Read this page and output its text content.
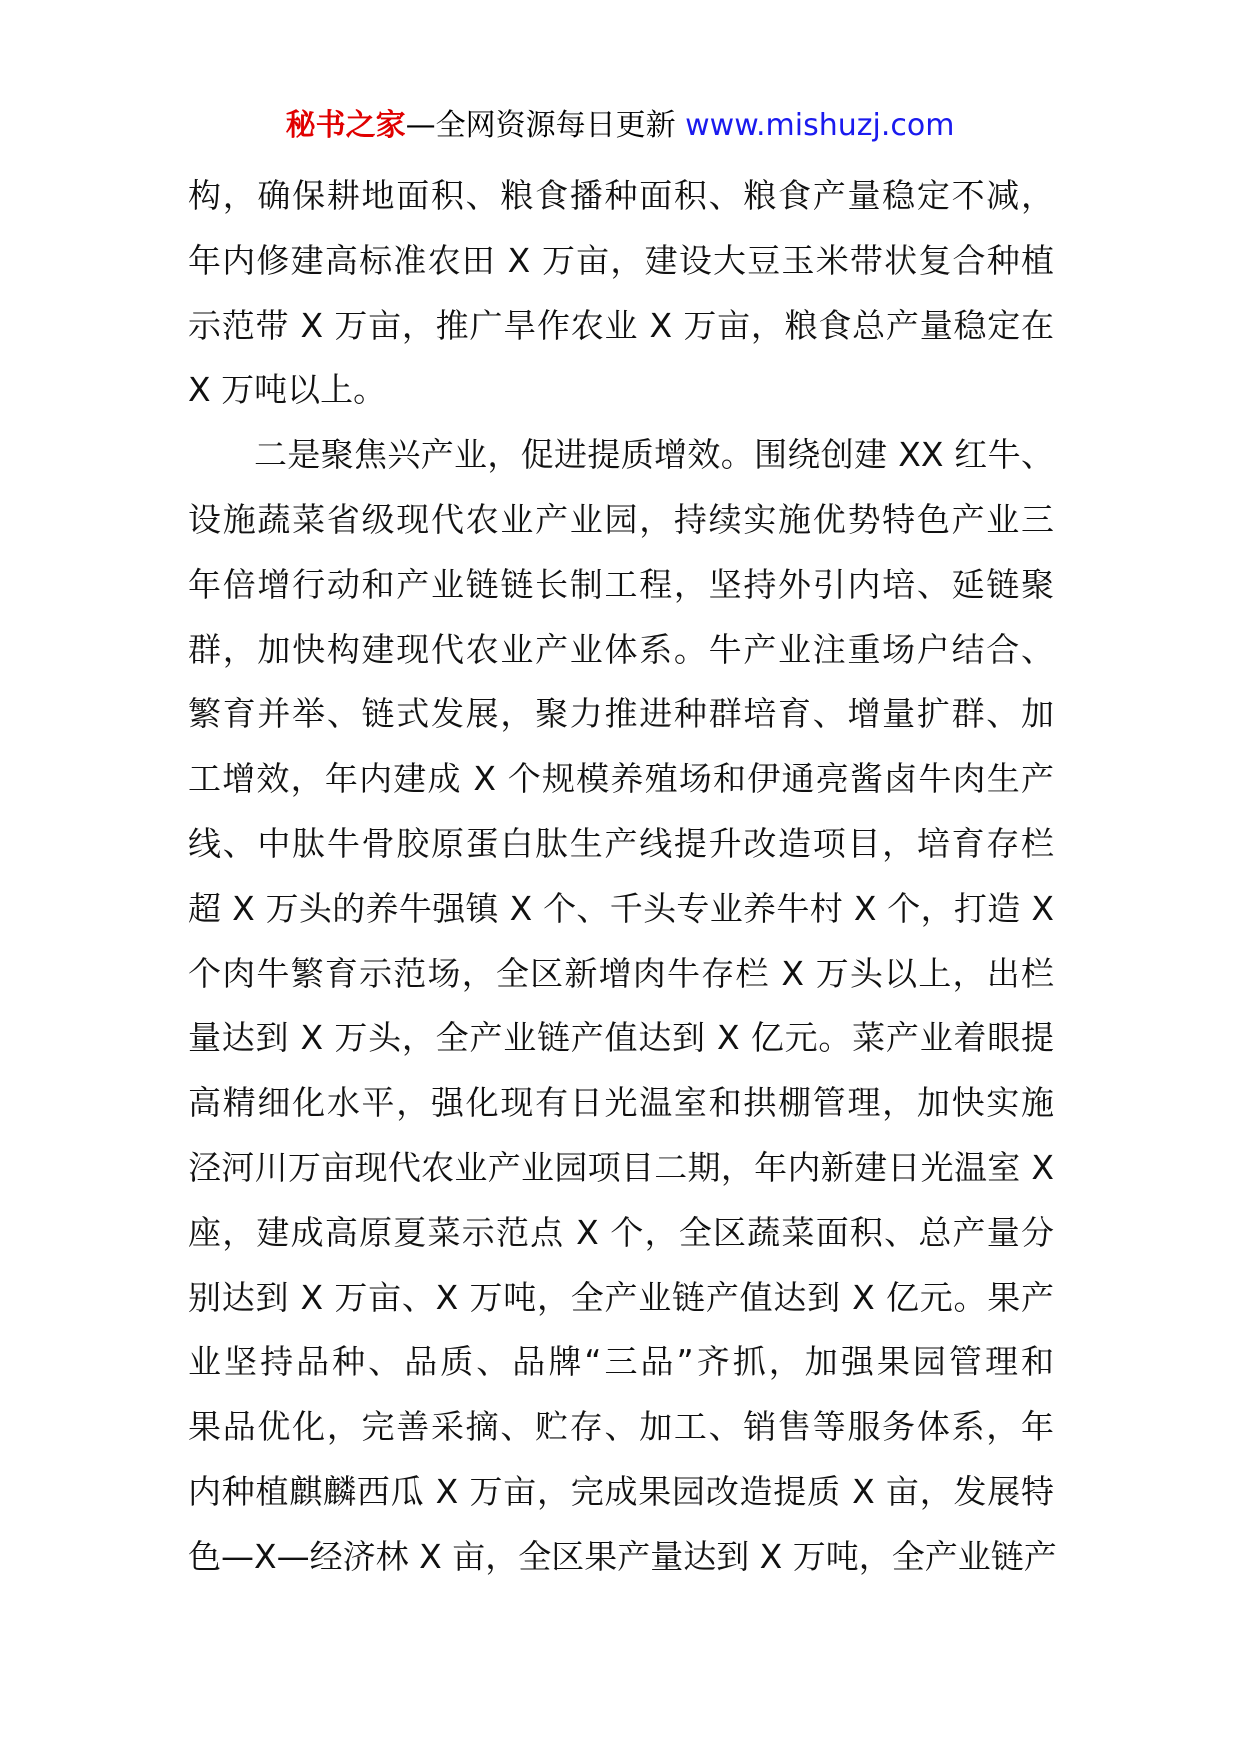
秘书之家—全网资源每日更新 www.mishuzj.com
构，确保耕地面积、粮食播种面积、粮食产量稳定不减，
年内修建高标准农田 X 万亩，建设大豆玉米带状复合种植
示范带 X 万亩，推广旱作农业 X 万亩，粮食总产量稳定在
X 万吨以上。
二是聚焦兴产业，促进提质增效。围绕创建 XX 红牛、
设施蔬菜省级现代农业产业园，持续实施优势特色产业三
年倍增行动和产业链链长制工程，坚持外引内培、延链聚
群，加快构建现代农业产业体系。牛产业注重场户结合、
繁育并举、链式发展，聚力推进种群培育、增量扩群、加
工增效，年内建成 X 个规模养殖场和伊通亮酱卤牛肉生产
线、中肽牛骨胶原蛋白肽生产线提升改造项目，培育存栏
超 X 万头的养牛强镇 X 个、千头专业养牛村 X 个，打造 X
个肉牛繁育示范场，全区新增肉牛存栏 X 万头以上，出栏
量达到 X 万头，全产业链产值达到 X 亿元。菜产业着眼提
高精细化水平，强化现有日光温室和拱棚管理，加快实施
泾河川万亩现代农业产业园项目二期，年内新建日光温室 X
座，建成高原夏菜示范点 X 个，全区蔬菜面积、总产量分
别达到 X 万亩、X 万吨，全产业链产值达到 X 亿元。果产
业坚持品种、品质、品牌“三品”齐抓，加强果园管理和
果品优化，完善采摘、贮存、加工、销售等服务体系，年
内种植麒麟西瓜 X 万亩，完成果园改造提质 X 亩，发展特
色—X—经济林 X 亩，全区果产量达到 X 万吨，全产业链产
